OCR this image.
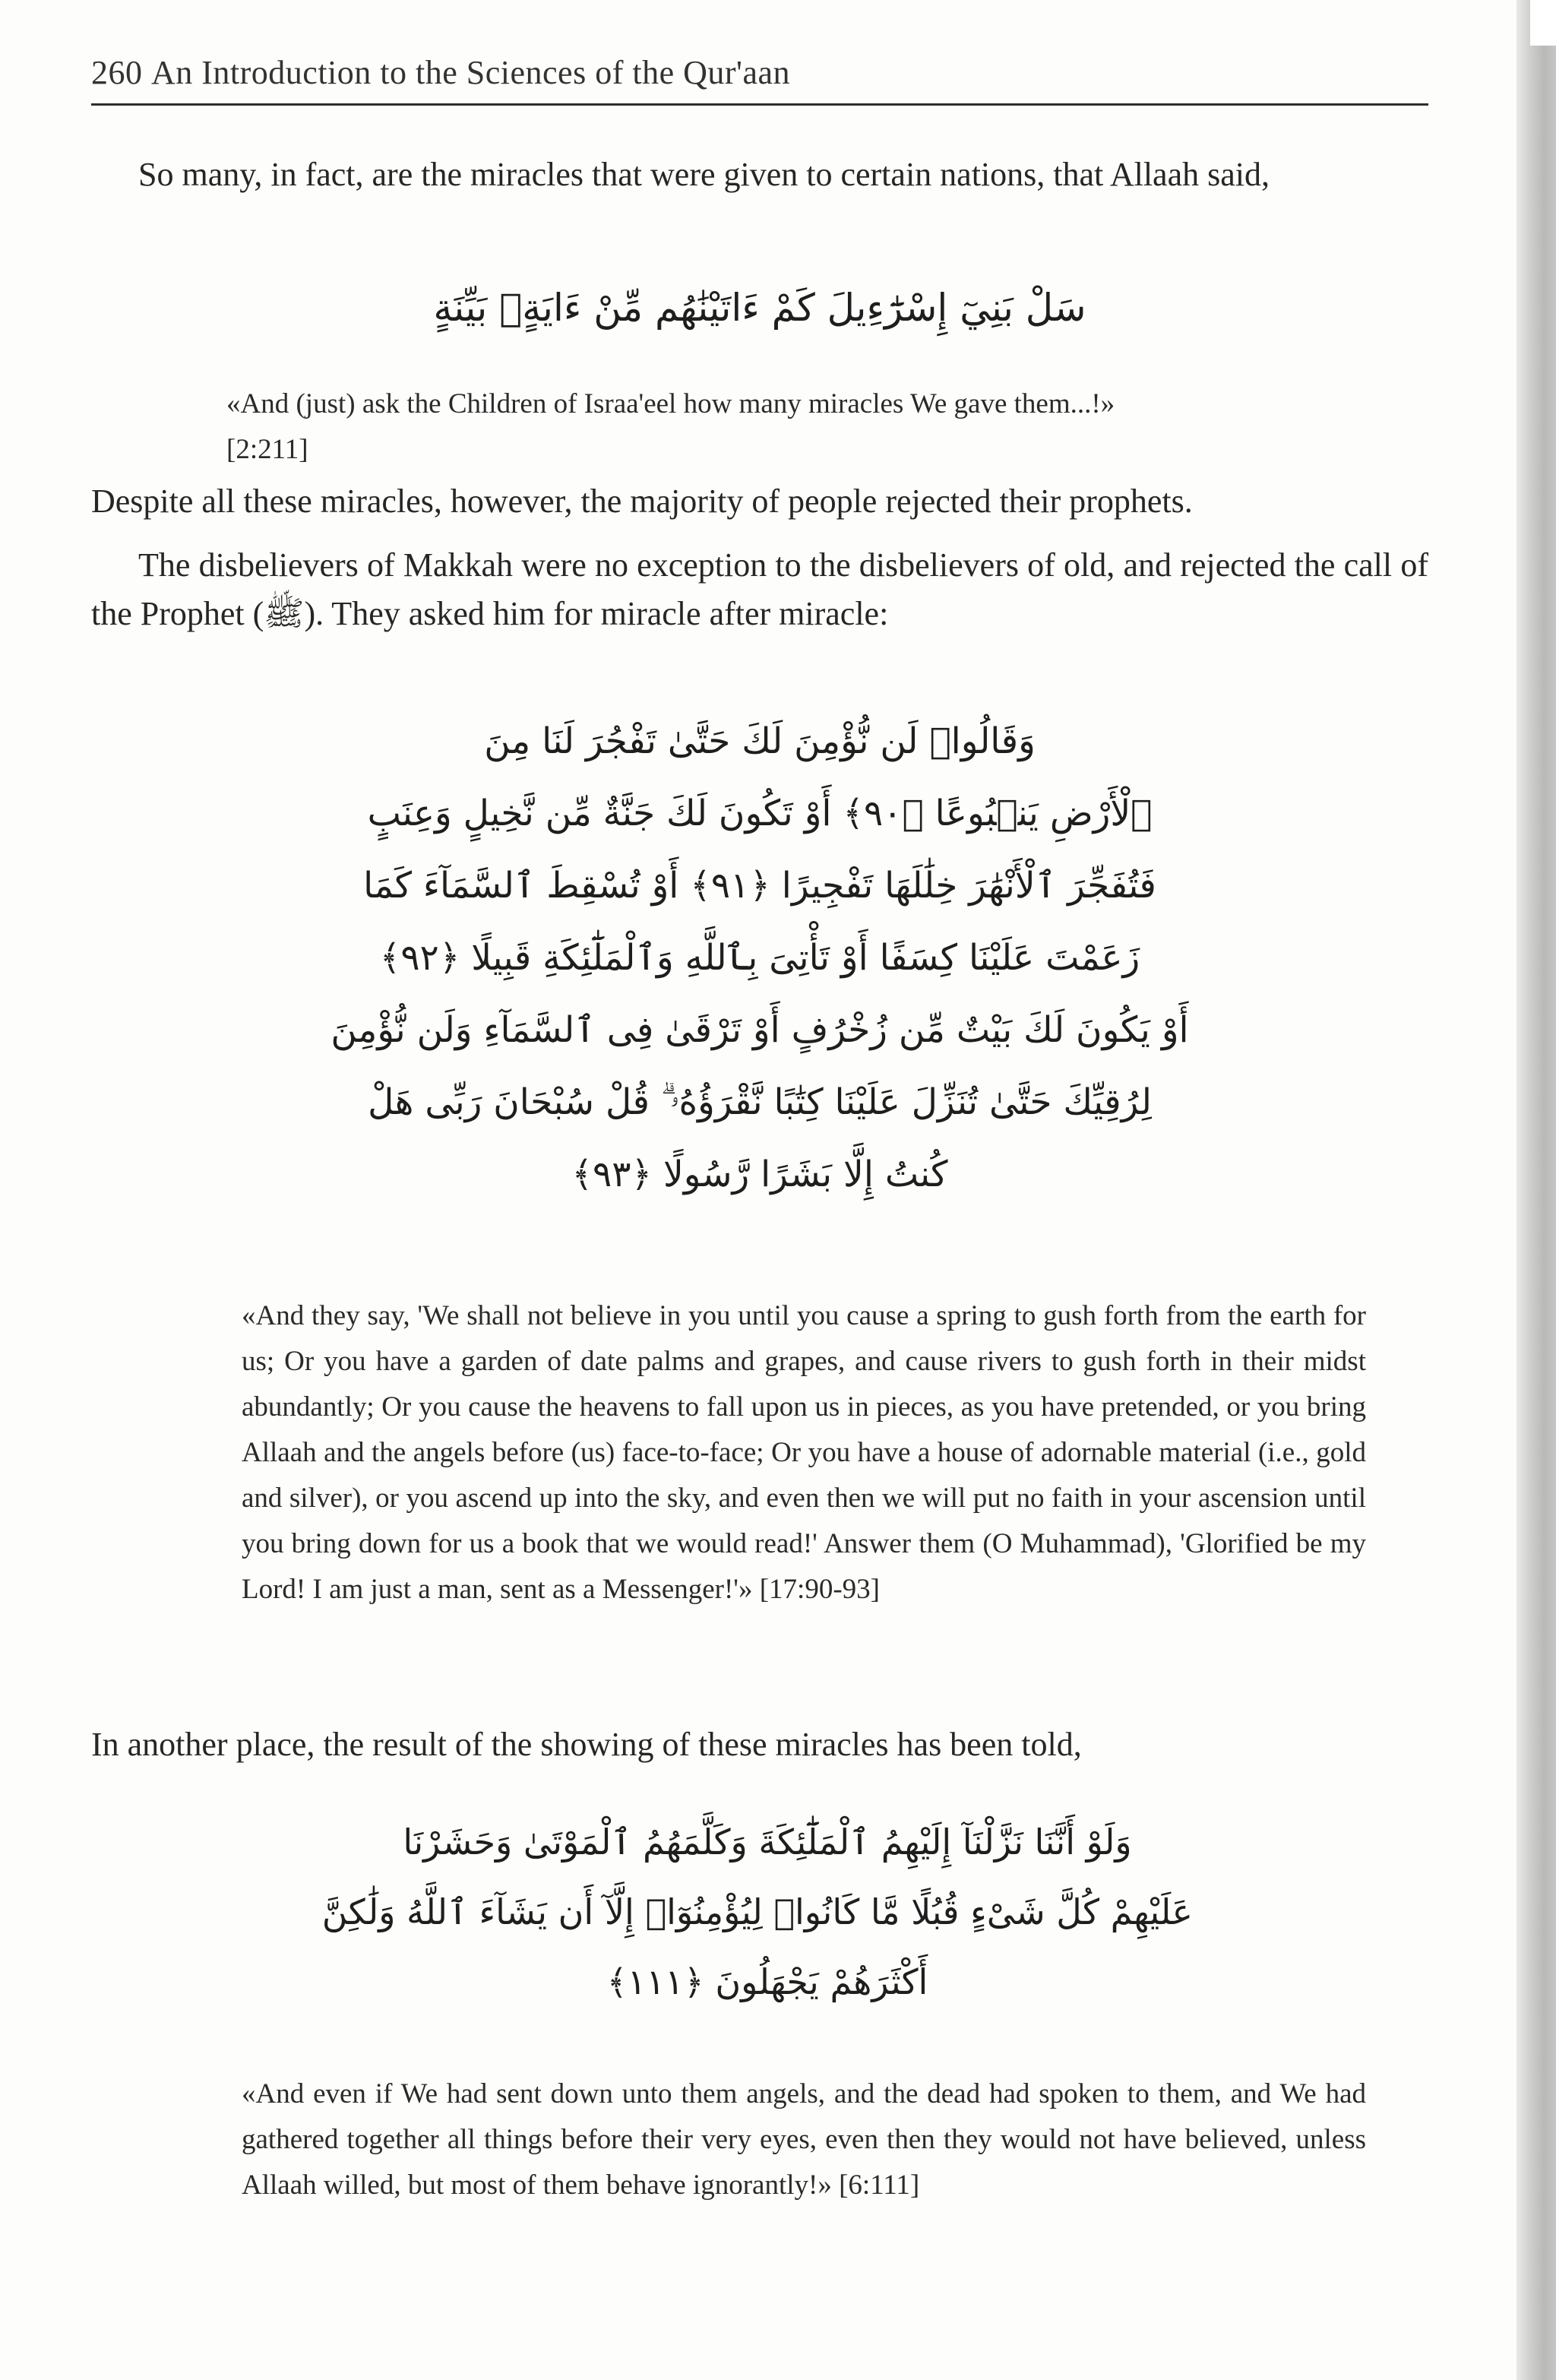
260 An Introduction to the Sciences of the Qur'aan
So many, in fact, are the miracles that were given to certain nations, that Allaah said,
سَلْ بَنِيٓ إِسْرَٰٓءِيلَ كَمْ ءَاتَيْنَٰهُم مِّنْ ءَايَةٍۭ بَيِّنَةٍ
«And (just) ask the Children of Israa'eel how many miracles We gave them...!»
[2:211]
Despite all these miracles, however, the majority of people rejected their prophets.
The disbelievers of Makkah were no exception to the disbelievers of old, and rejected the call of the Prophet (ﷺ). They asked him for miracle after miracle:
وَقَالُوا۟ لَن نُّؤْمِنَ لَكَ حَتَّىٰ تَفْجُرَ لَنَا مِنَ
ٱلْأَرْضِ يَنۢبُوعًا ﴿٩٠﴾ أَوْ تَكُونَ لَكَ جَنَّةٌ مِّن نَّخِيلٍ وَعِنَبٍ
فَتُفَجِّرَ ٱلْأَنْهَٰرَ خِلَٰلَهَا تَفْجِيرًا ﴿٩١﴾ أَوْ تُسْقِطَ ٱلسَّمَآءَ كَمَا
زَعَمْتَ عَلَيْنَا كِسَفًا أَوْ تَأْتِىَ بِٱللَّهِ وَٱلْمَلَٰٓئِكَةِ قَبِيلًا ﴿٩٢﴾
أَوْ يَكُونَ لَكَ بَيْتٌ مِّن زُخْرُفٍ أَوْ تَرْقَىٰ فِى ٱلسَّمَآءِ وَلَن نُّؤْمِنَ
لِرُقِيِّكَ حَتَّىٰ تُنَزِّلَ عَلَيْنَا كِتَٰبًا نَّقْرَؤُهُۥ ۗ قُلْ سُبْحَانَ رَبِّى هَلْ
كُنتُ إِلَّا بَشَرًا رَّسُولًا ﴿٩٣﴾
«And they say, 'We shall not believe in you until you cause a spring to gush forth from the earth for us; Or you have a garden of date palms and grapes, and cause rivers to gush forth in their midst abundantly; Or you cause the heavens to fall upon us in pieces, as you have pretended, or you bring Allaah and the angels before (us) face-to-face; Or you have a house of adornable material (i.e., gold and silver), or you ascend up into the sky, and even then we will put no faith in your ascension until you bring down for us a book that we would read!' Answer them (O Muhammad), 'Glorified be my Lord! I am just a man, sent as a Messenger!'» [17:90-93]
In another place, the result of the showing of these miracles has been told,
وَلَوْ أَنَّنَا نَزَّلْنَآ إِلَيْهِمُ ٱلْمَلَٰٓئِكَةَ وَكَلَّمَهُمُ ٱلْمَوْتَىٰ وَحَشَرْنَا
عَلَيْهِمْ كُلَّ شَىْءٍ قُبُلًا مَّا كَانُوا۟ لِيُؤْمِنُوٓا۟ إِلَّآ أَن يَشَآءَ ٱللَّهُ وَلَٰكِنَّ
أَكْثَرَهُمْ يَجْهَلُونَ ﴿١١١﴾
«And even if We had sent down unto them angels, and the dead had spoken to them, and We had gathered together all things before their very eyes, even then they would not have believed, unless Allaah willed, but most of them behave ignorantly!» [6:111]
